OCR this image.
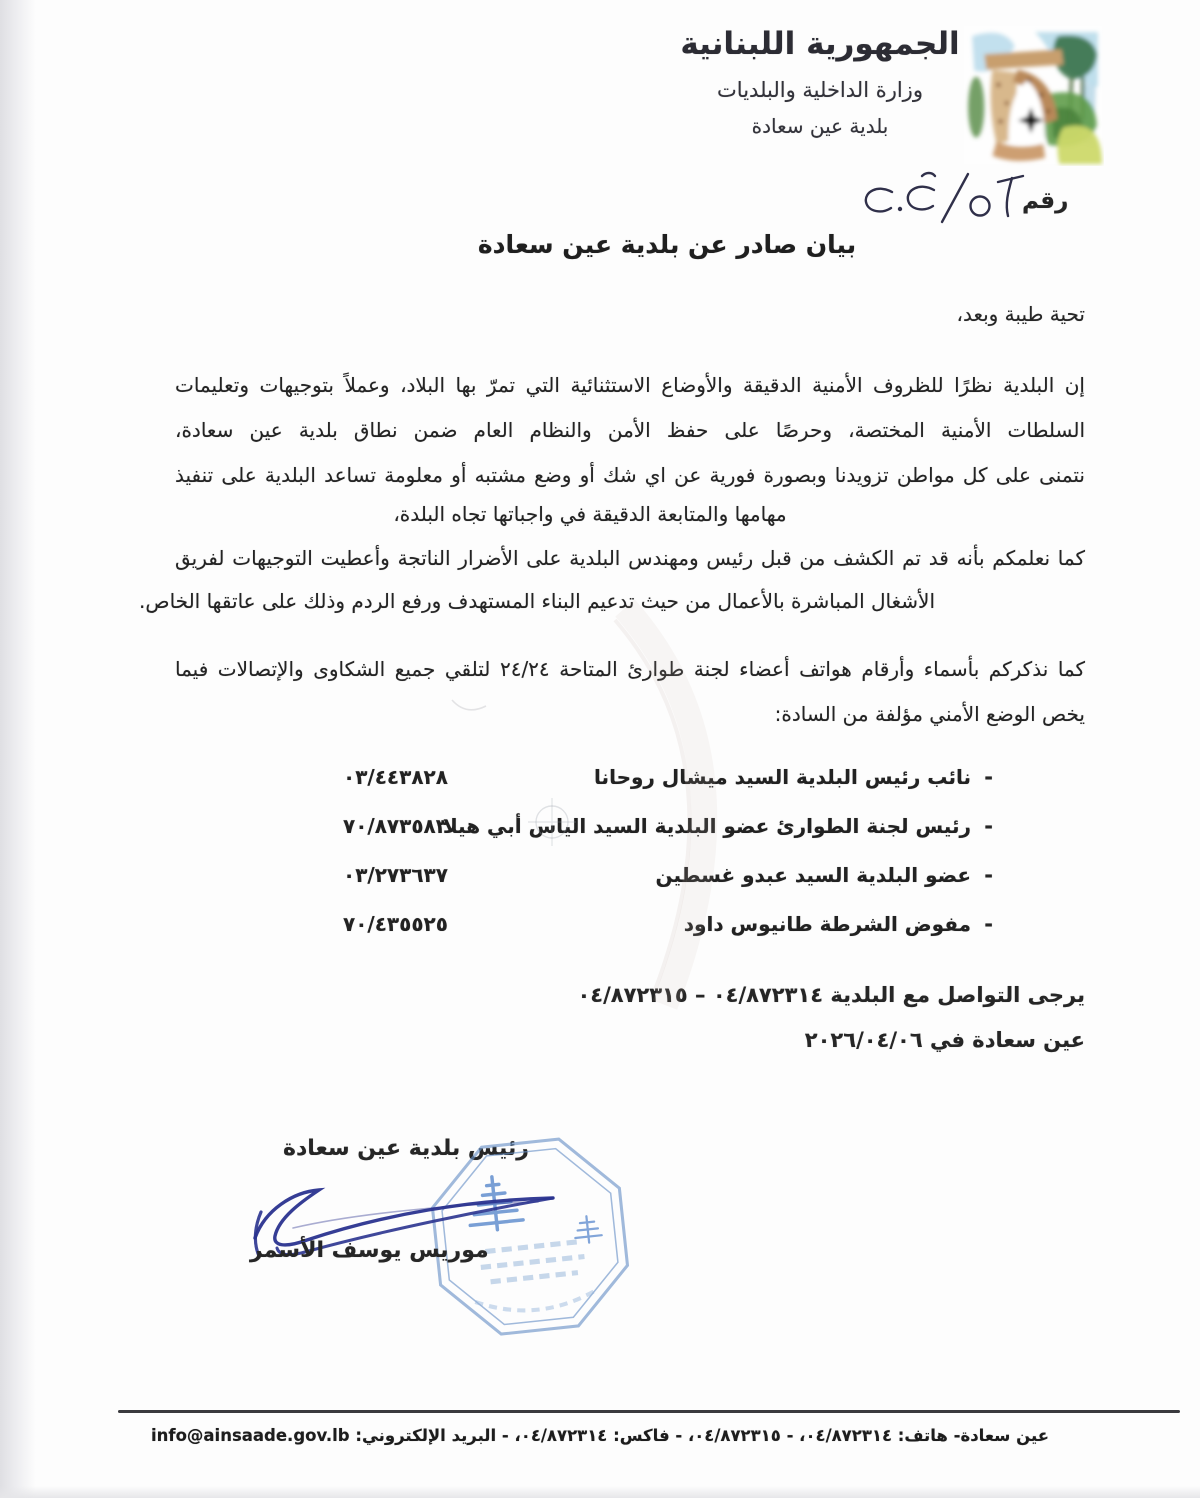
الجمهورية اللبنانية
وزارة الداخلية والبلديات
بلدية عين سعادة
رقم
بيان صادر عن بلدية عين سعادة
تحية طيبة وبعد،
إن البلدية نظرًا للظروف الأمنية الدقيقة والأوضاع الاستثنائية التي تمرّ بها البلاد، وعملاً بتوجيهات وتعليمات
السلطات الأمنية المختصة، وحرصًا على حفظ الأمن والنظام العام ضمن نطاق بلدية عين سعادة،
نتمنى على كل مواطن تزويدنا وبصورة فورية عن اي شك أو وضع مشتبه أو معلومة تساعد البلدية على تنفيذ
مهامها والمتابعة الدقيقة في واجباتها تجاه البلدة،
كما نعلمكم بأنه قد تم الكشف من قبل رئيس ومهندس البلدية على الأضرار الناتجة وأعطيت التوجيهات لفريق
الأشغال المباشرة بالأعمال من حيث تدعيم البناء المستهدف ورفع الردم وذلك على عاتقها الخاص.
كما نذكركم بأسماء وأرقام هواتف أعضاء لجنة طوارئ المتاحة ٢٤/٢٤ لتلقي جميع الشكاوى والإتصالات فيما
يخص الوضع الأمني مؤلفة من السادة:
-
نائب رئيس البلدية السيد ميشال روحانا
٠٣/٤٤٣٨٢٨
-
رئيس لجنة الطوارئ عضو البلدية السيد الياس أبي هيلا
٧٠/٨٧٣٥٨٣
-
عضو البلدية السيد عبدو غسطين
٠٣/٢٧٣٦٣٧
-
مفوض الشرطة طانيوس داود
٧٠/٤٣٥٥٢٥
يرجى التواصل مع البلدية ٠٤/٨٧٢٣١٤ – ٠٤/٨٧٢٣١٥
عين سعادة في ٢٠٢٦/٠٤/٠٦
رئيس بلدية عين سعادة
موريس يوسف الأسمر
عين سعادة- هاتف: ٠٤/٨٧٢٣١٤، - ٠٤/٨٧٢٣١٥، - فاكس: ٠٤/٨٧٢٣١٤، - البريد الإلكتروني: info@ainsaade.gov.lb
